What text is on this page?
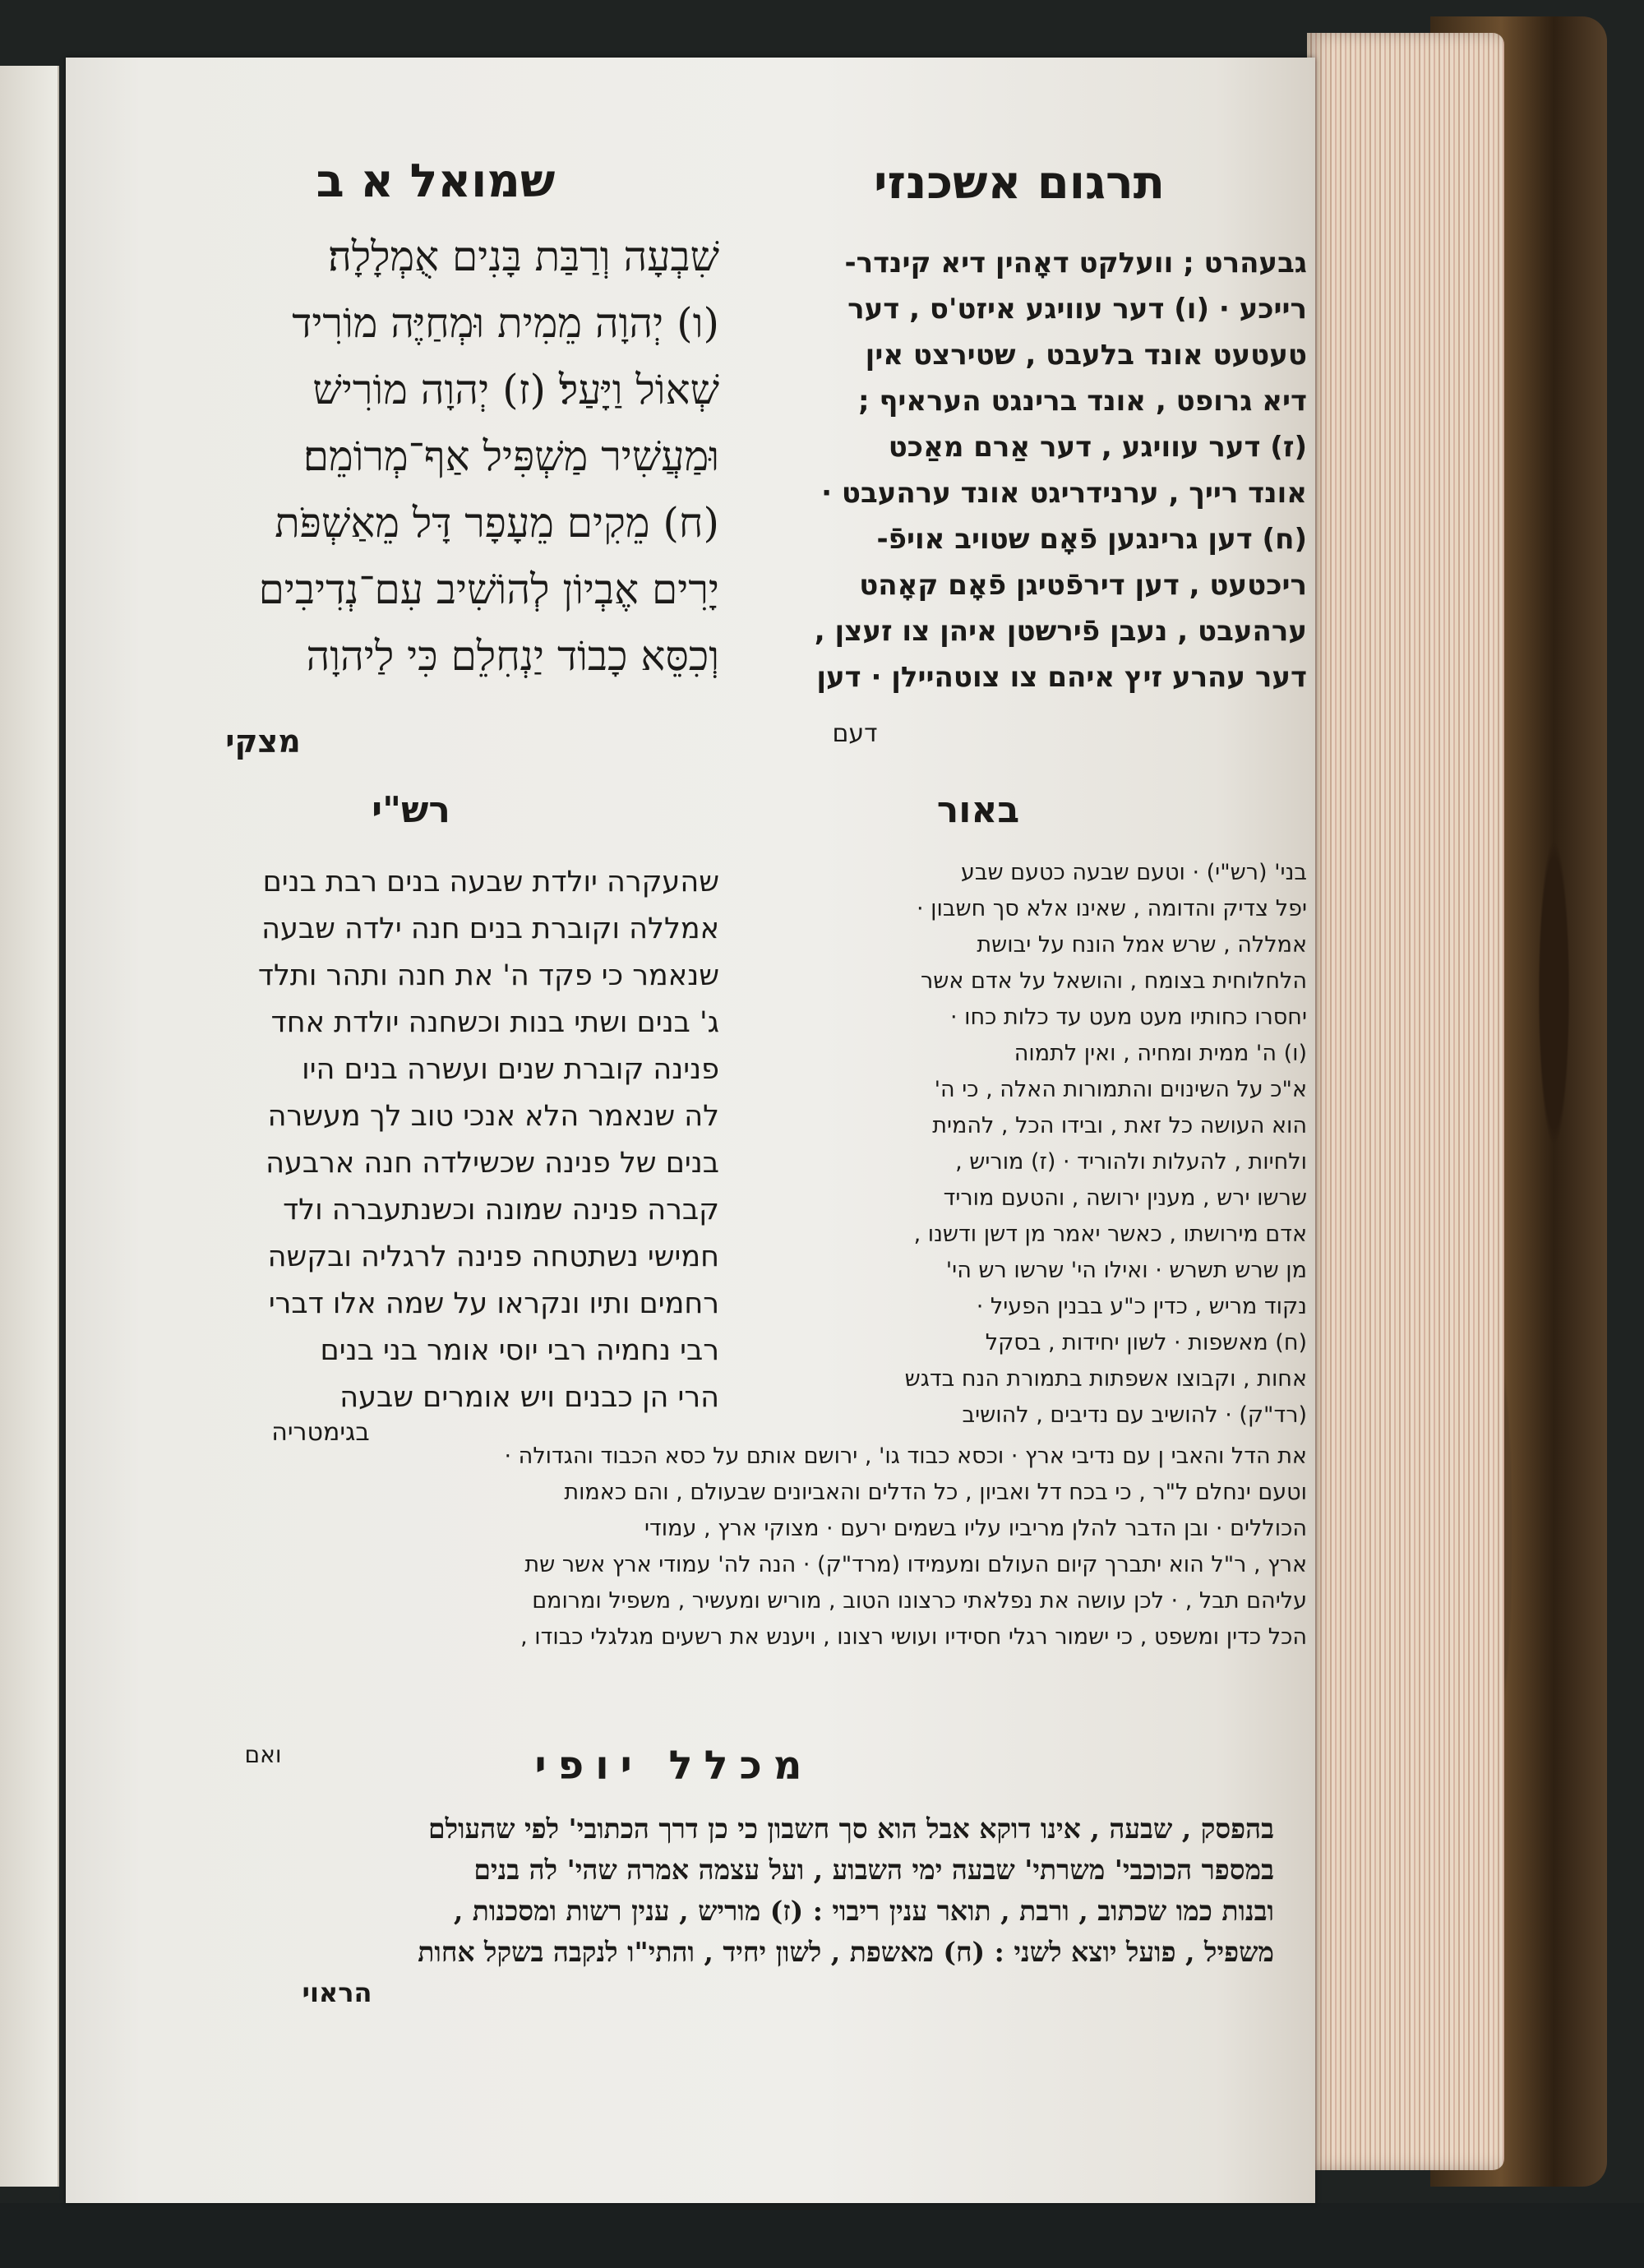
תרגום אשכנזי
שמואל א ב
גבעהרט ; וועלקט דאָהין דיא קינדר-
רייכע · (ו) דער עוויגע איזט'ס , דער
טעטעט אונד בלעבט , שטירצט אין
דיא גרופט , אונד ברינגט העראיף ;
(ז) דער עוויגע , דער אַרם מאַכט
אונד רייך , ערנידריגט אונד ערהעבט ·
(ח) דען גרינגען פֿאָם שטויב אויפֿ-
ריכטעט , דען דירפֿטיגן פֿאָם קאָהט
ערהעבט , נעבן פֿירשטן איהן צו זעצן ,
דער עהרע זיץ איהם צו צוטהיילן · דען
דעם
שִׁבְעָה וְרַבַּת בָּנִים אֻמְלָלָה׃
(ו) יְהוָה מֵמִית וּמְחַיֶּה מוֹרִיד
שְׁאוֹל וַיָּעַל׃ (ז) יְהוָה מוֹרִישׁ
וּמַעֲשִׁיר מַשְׁפִּיל אַף־מְרוֹמֵם׃
(ח) מֵקִים מֵעָפָר דָּל מֵאַשְׁפֹּת
יָרִים אֶבְיוֹן לְהוֹשִׁיב עִם־נְדִיבִים
וְכִסֵּא כָבוֹד יַנְחִלֵם כִּי לַיהוָה
מצקי
באור
רש"י
בני' (רש"י) · וטעם שבעה כטעם שבע
יפל צדיק והדומה , שאינו אלא סך חשבון ·
אמללה , שרש אמל הונח על יבושת
הלחלוחית בצומח , והושאל על אדם אשר
יחסרו כחותיו מעט מעט עד כלות כחו ·
(ו) ה' ממית ומחיה , ואין לתמוה
א"כ על השינוים והתמורות האלה , כי ה'
הוא העושה כל זאת , ובידו הכל , להמית
ולחיות , להעלות ולהוריד · (ז) מוריש ,
שרשו ירש , מענין ירושה , והטעם מוריד
אדם מירושתו , כאשר יאמר מן דשן ודשנו ,
מן שרש תשרש · ואילו הי' שרשו רש הי'
נקוד מריש , כדין כ"ע בבנין הפעיל ·
(ח) מאשפות · לשון יחידות , בסקל
אחות , וקבוצו אשפתות בתמורת הנח בדגש
(רד"ק) · להושיב עם נדיבים , להושיב
שהעקרה יולדת שבעה בנים רבת בנים
אמללה וקוברת בנים חנה ילדה שבעה
שנאמר כי פקד ה' את חנה ותהר ותלד
ג' בנים ושתי בנות וכשחנה יולדת אחד
פנינה קוברת שנים ועשרה בנים היו
לה שנאמר הלא אנכי טוב לך מעשרה
בנים של פנינה שכשילדה חנה ארבעה
קברה פנינה שמונה וכשנתעברה ולד
חמישי נשתטחה פנינה לרגליה ובקשה
רחמים ותיו ונקראו על שמה אלו דברי
רבי נחמיה רבי יוסי אומר בני בנים
הרי הן כבנים ויש אומרים שבעה
בגימטריה
את הדל והאבי ן עם נדיבי ארץ · וכסא כבוד גו' , ירושם אותם על כסא הכבוד והגדולה ·
וטעם ינחלם ל"ר , כי בכח דל ואביון , כל הדלים והאביונים שבעולם , והם כאמות
הכוללים · ובן הדבר להלן מריביו עליו בשמים ירעם · מצוקי ארץ , עמודי
ארץ , ר"ל הוא יתברך קיום העולם ומעמידו (מרד"ק) · הנה לה' עמודי ארץ אשר שת
עליהם תבל , · לכן עושה את נפלאתי כרצונו הטוב , מוריש ומעשיר , משפיל ומרומם
הכל כדין ומשפט , כי ישמור רגלי חסידיו ועושי רצונו , ויענש את רשעים מגלגלי כבודו ,
ואם	מכלל יופי
בהפסק , שבעה , אינו דוקא אבל הוא סך חשבון כי כן דרך הכתובי' לפי שהעולם
במספר הכוכבי' משרתי' שבעה ימי השבוע , ועל עצמה אמרה שהי' לה בנים
ובנות כמו שכתוב , ורבת , תואר ענין ריבוי : (ז) מוריש , ענין רשות ומסכנות ,
משפיל , פועל יוצא לשני : (ח) מאשפת , לשון יחיד , והתי"ו לנקבה בשקל אחות
הראוי
